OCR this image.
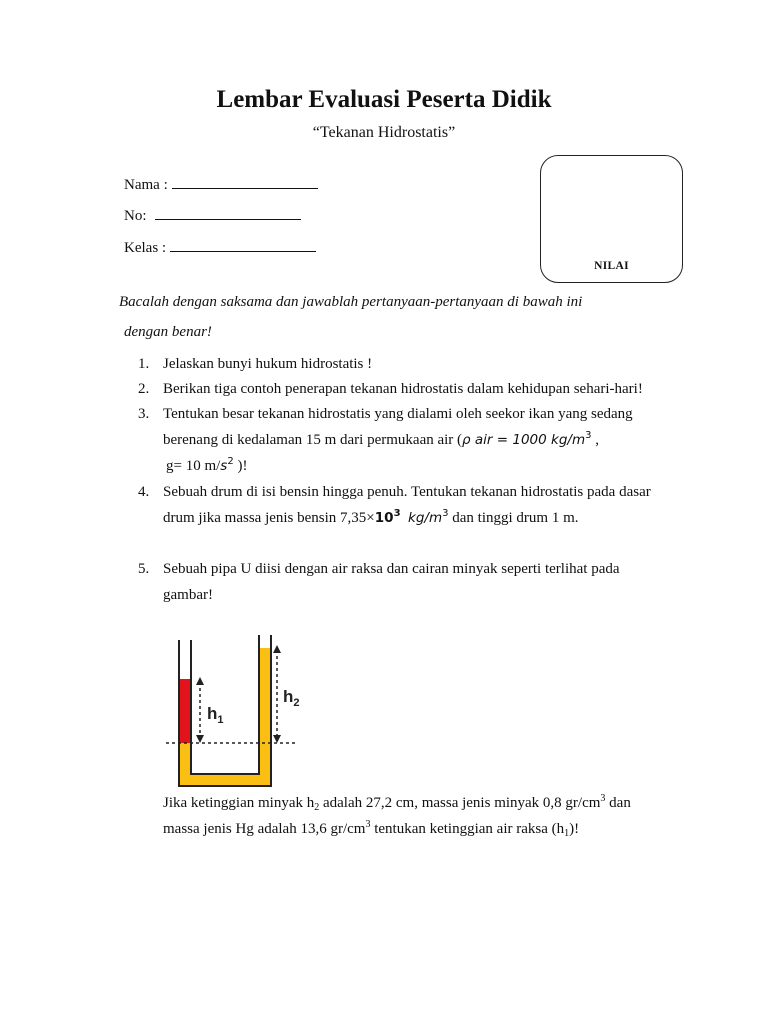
Lembar Evaluasi Peserta Didik
“Tekanan Hidrostatis”
Nama :
No:
Kelas :
NILAI
Bacalah dengan saksama dan jawablah pertanyaan-pertanyaan di bawah ini
dengan benar!
1. Jelaskan bunyi hukum hidrostatis !
2. Berikan tiga contoh penerapan tekanan hidrostatis dalam kehidupan sehari-hari!
3. Tentukan besar tekanan hidrostatis yang dialami oleh seekor ikan yang sedang
berenang di kedalaman 15 m dari permukaan air (ρ air = 1000 $kg/m^3$ ,
g= 10 $m/s^2$ )!
4. Sebuah drum di isi bensin hingga penuh. Tentukan tekanan hidrostatis pada dasar
drum jika massa jenis bensin $7,35\times 10^3$ $kg/m^3$ dan tinggi drum 1 m.
5. Sebuah pipa U diisi dengan air raksa dan cairan minyak seperti terlihat pada
gambar!
$h_1$
$h_2$
Jika ketinggian minyak $h_2$ adalah 27,2 cm, massa jenis minyak 0,8 $gr/cm^3$ dan
massa jenis Hg adalah 13,6 $gr/cm^3$ tentukan ketinggian air raksa $(h_1)$!
